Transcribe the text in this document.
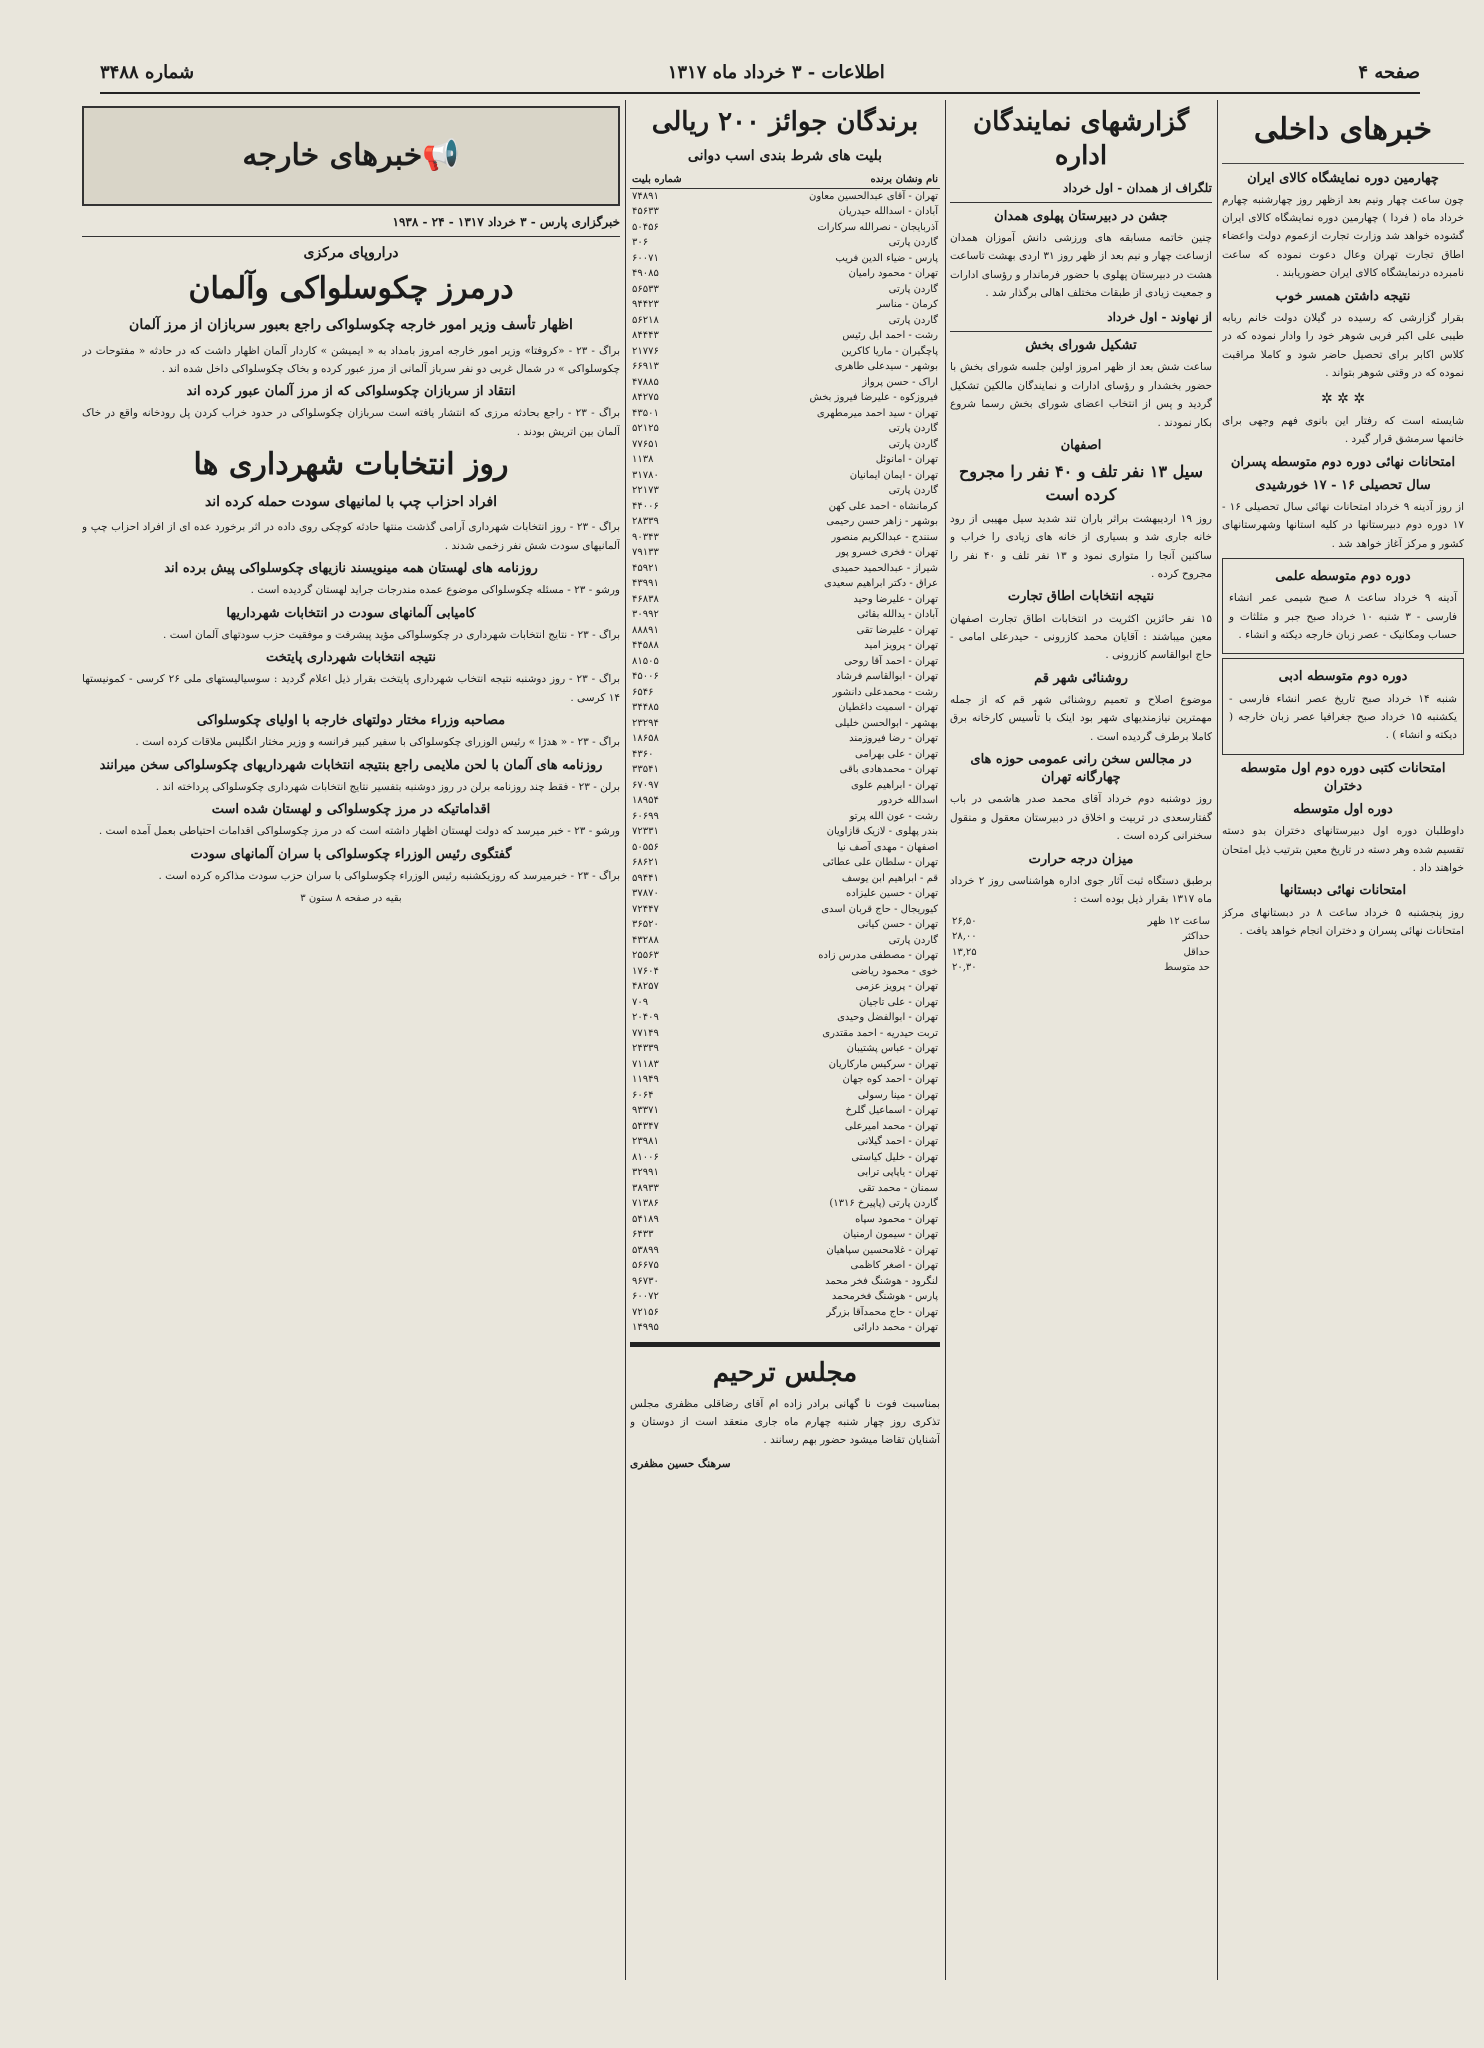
صفحه ۴
اطلاعات - ۳ خرداد ماه ۱۳۱۷
شماره ۳۴۸۸
خبرهای داخلی
چهارمین دوره نمایشگاه کالای ایران

چون ساعت چهار ونیم بعد ازظهر روز چهارشنبه چهارم خرداد ماه ( فردا ) چهارمین دوره نمایشگاه کالای ایران گشوده خواهد شد وزارت تجارت ازعموم دولت واعضاء اطاق تجارت تهران وعال دعوت نموده که ساعت نامبرده درنمایشگاه کالای ایران حضوریابند .

نتیجه داشتن همسر خوب

بقرار گزارشی که رسیده در گیلان دولت خانم ربابه طیبی علی اکبر فربی شوهر خود را وادار نموده که در کلاس اکابر برای تحصیل حاضر شود و کاملا مراقبت نموده که در وقتی شوهر بتواند .

✲ ✲ ✲

شایسته است که رفتار این بانوی فهم وجهی برای خانمها سرمشق قرار گیرد .

امتحانات نهائی دوره دوم متوسطه پسران
سال تحصیلی ۱۶ - ۱۷ خورشیدی

از روز آدینه ۹ خرداد امتحانات نهائی سال تحصیلی ۱۶ - ۱۷ دوره دوم دبیرستانها در کلیه استانها وشهرستانهای کشور و مرکز آغاز خواهد شد .

دوره دوم متوسطه علمی

آدینه ۹ خرداد ساعت ۸ صبح شیمی عمر انشاء فارسی - ۳ شنبه ۱۰ خرداد صبح جبر و مثلثات و حساب ومکانیک - عصر زبان خارجه دیکته و انشاء .

دوره دوم متوسطه ادبی

شنبه ۱۴ خرداد صبح تاریخ عصر انشاء فارسی - یکشنبه ۱۵ خرداد صبح جغرافیا عصر زبان خارجه ( دیکته و انشاء ) .

امتحانات کتبی دوره دوم اول متوسطه دختران
دوره اول متوسطه

داوطلبان دوره اول دبیرستانهای دختران بدو دسته تقسیم شده وهر دسته در تاریخ معین بترتیب ذیل امتحان خواهند داد .

امتحانات نهائی دبستانها

روز پنجشنبه ۵ خرداد ساعت ۸ در دبستانهای مرکز امتحانات نهائی پسران و دختران انجام خواهد یافت .

گزارشهای نمایندگان اداره
تلگراف از همدان - اول خرداد
جشن در دبیرستان پهلوی همدان

چنین خاتمه مسابقه های ورزشی دانش آموزان همدان ازساعت چهار و نیم بعد از ظهر روز ۳۱ اردی بهشت تاساعت هشت در دبیرستان پهلوی با حضور فرماندار و رؤسای ادارات و جمعیت زیادی از طبقات مختلف اهالی برگذار شد .

از نهاوند - اول خرداد
تشکیل شورای بخش

ساعت شش بعد از ظهر امروز اولین جلسه شورای بخش با حضور بخشدار و رؤسای ادارات و نمایندگان مالکین تشکیل گردید و پس از انتخاب اعضای شورای بخش رسما شروع بکار نمودند .

اصفهان
سیل ۱۳ نفر تلف و ۴۰ نفر را مجروح کرده است

روز ۱۹ اردیبهشت براثر باران تند شدید سیل مهیبی از رود خانه جاری شد و بسیاری از خانه های زیادی را خراب و ساکنین آنجا را متواری نمود و ۱۳ نفر تلف و ۴۰ نفر را مجروح کرده .

نتیجه انتخابات اطاق تجارت

۱۵ نفر حائزین اکثریت در انتخابات اطاق تجارت اصفهان معین میباشند : آقایان محمد کازرونی - حیدرعلی امامی - حاج ابوالقاسم کازرونی .

روشنائی شهر قم

موضوع اصلاح و تعمیم روشنائی شهر قم که از جمله مهمترین نیازمندیهای شهر بود اینک با تأسیس کارخانه برق کاملا برطرف گردیده است .

در مجالس سخن رانی عمومی حوزه های چهارگانه تهران

روز دوشنبه دوم خرداد آقای محمد صدر هاشمی در باب گفتارسعدی در تربیت و اخلاق در دبیرستان معقول و منقول سخنرانی کرده است .

میزان درجه حرارت

برطبق دستگاه ثبت آثار جوی اداره هواشناسی روز ۲ خرداد ماه ۱۳۱۷ بقرار ذیل بوده است :

ساعت ۱۲ ظهر	۲۶,۵۰
حداکثر	۲۸,۰۰
حداقل	۱۳,۲۵
حد متوسط	۲۰,۳۰
برندگان جوائز ۲۰۰ ریالی
بلیت های شرط بندی اسب دوانی
نام ونشان برنده	شماره بلیت
تهران - آقای عبدالحسین معاون	۷۴۸۹۱
آبادان - اسدالله حیدریان	۴۵۶۳۳
آذربایجان - نصرالله سرکارات	۵۰۴۵۶
گاردن پارتی	۳۰۶
پارس - ضیاء الدین فریب	۶۰۰۷۱
تهران - محمود رامیان	۴۹۰۸۵
گاردن پارتی	۵۶۵۳۳
کرمان - مناسر	۹۴۴۲۳
گاردن پارتی	۵۶۲۱۸
رشت - احمد ابل رئیس	۸۴۴۴۳
پاچگیران - ماریا کاکرین	۲۱۷۷۶
بوشهر - سیدعلی طاهری	۶۶۹۱۳
اراک - حسن پرواز	۴۷۸۸۵
فیروزکوه - علیرضا فیروز بخش	۸۴۲۷۵
تهران - سید احمد میرمطهری	۴۳۵۰۱
گاردن پارتی	۵۲۱۲۵
گاردن پارتی	۷۷۶۵۱
تهران - امانوئل	۱۱۳۸
تهران - ایمان ایمانیان	۳۱۷۸۰
گاردن پارتی	۲۲۱۷۳
کرمانشاه - احمد علی کهن	۴۴۰۰۶
بوشهر - زاهر حسن رحیمی	۲۸۳۳۹
سنندج - عبدالکریم منصور	۹۰۳۴۳
تهران - فخری خسرو پور	۷۹۱۳۳
شیراز - عبدالحمید حمیدی	۴۵۹۲۱
عراق - دکتر ابراهیم سعیدی	۴۳۹۹۱
تهران - علیرضا وحید	۴۶۸۳۸
آبادان - یدالله بقائی	۳۰۹۹۲
تهران - علیرضا تقی	۸۸۸۹۱
تهران - پرویز امید	۴۴۵۸۸
تهران - احمد آقا روحی	۸۱۵۰۵
تهران - ابوالقاسم فرشاد	۴۵۰۰۶
رشت - محمدعلی دانشور	۶۵۴۶
تهران - اسمیت داغطیان	۳۴۴۸۵
بهشهر - ابوالحسن خلیلی	۲۳۲۹۴
تهران - رضا فیروزمند	۱۸۶۵۸
تهران - علی بهرامی	۴۳۶۰
تهران - محمدهادی باقی	۳۳۵۴۱
تهران - ابراهیم علوی	۶۷۰۹۷
اسدالله خردور	۱۸۹۵۴
رشت - عون الله پرتو	۶۰۶۹۹
بندر پهلوی - لازیک قازاویان	۷۲۳۳۱
اصفهان - مهدی آصف نیا	۵۰۵۵۶
تهران - سلطان علی عطائی	۶۸۶۲۱
قم - ابراهیم ابن یوسف	۵۹۴۴۱
تهران - حسین علیزاده	۳۷۸۷۰
کیوریجال - حاج قربان اسدی	۷۲۴۴۷
تهران - حسن کیانی	۳۶۵۲۰
گاردن پارتی	۴۳۲۸۸
تهران - مصطفی مدرس زاده	۲۵۵۶۳
خوی - محمود ریاضی	۱۷۶۰۴
تهران - پرویز عزمی	۴۸۲۵۷
تهران - علی تاجیان	۷۰۹
تهران - ابوالفضل وحیدی	۲۰۴۰۹
تربت حیدریه - احمد مقتدری	۷۷۱۴۹
تهران - عباس پشتیبان	۲۴۳۳۹
تهران - سرکیس مارکاریان	۷۱۱۸۳
تهران - احمد کوه جهان	۱۱۹۴۹
تهران - مینا رسولی	۶۰۶۴
تهران - اسماعیل گلرخ	۹۳۳۷۱
تهران - محمد امیرعلی	۵۴۳۴۷
تهران - احمد گیلانی	۲۳۹۸۱
تهران - خلیل کیاستی	۸۱۰۰۶
تهران - یاپاپی ترابی	۳۲۹۹۱
سمنان - محمد تقی	۳۸۹۳۳
گاردن پارتی (پاپیرخ ۱۳۱۶)	۷۱۳۸۶
تهران - محمود سپاه	۵۴۱۸۹
تهران - سیمون ارمنیان	۶۴۳۳
تهران - غلامحسین سپاهیان	۵۳۸۹۹
تهران - اصغر کاظمی	۵۶۶۷۵
لنگرود - هوشنگ فخر محمد	۹۶۷۳۰
پارس - هوشنگ فخرمحمد	۶۰۰۷۲
تهران - حاج محمدآقا بزرگر	۷۲۱۵۶
تهران - محمد دارائی	۱۴۹۹۵
مجلس ترحیم

بمناسبت فوت نا گهانی برادر زاده ام آقای رضاقلی مظفری مجلس تذکری روز چهار شنبه چهارم ماه جاری منعقد است از دوستان و آشنایان تقاضا میشود حضور بهم رسانند .

سرهنگ حسین مظفری

📢
خبرهای خارجه
خبرگزاری پارس - ۳ خرداد ۱۳۱۷ - ۲۴ - ۱۹۳۸
دراروپای مرکزی
درمرز چکوسلواکی وآلمان
اظهار تأسف وزیر امور خارجه چکوسلواکی راجع بعبور سربازان از مرز آلمان

براگ - ۲۳ - «کروفتا» وزیر امور خارجه امروز بامداد به « ایمیشن » کاردار آلمان اظهار داشت که در حادثه « مفتوحات در چکوسلواکی » در شمال غربی دو نفر سرباز آلمانی از مرز عبور کرده و بخاک چکوسلواکی داخل شده اند .

انتقاد از سربازان چکوسلواکی که از مرز آلمان عبور کرده اند

براگ - ۲۳ - راجع بحادثه مرزی که انتشار یافته است سربازان چکوسلواکی در حدود خراب کردن پل رودخانه واقع در خاک آلمان بین اتریش بودند .

روز انتخابات شهرداری ها
افراد احزاب چپ با لمانیهای سودت حمله کرده اند

براگ - ۲۳ - روز انتخابات شهرداری آرامی گذشت منتها حادثه کوچکی روی داده در اثر برخورد عده ای از افراد احزاب چپ و آلمانیهای سودت شش نفر زخمی شدند .

روزنامه های لهستان همه مینویسند نازیهای چکوسلواکی پیش برده اند

ورشو - ۲۳ - مسئله چکوسلواکی موضوع عمده مندرجات جراید لهستان گردیده است .

کامیابی آلمانهای سودت در انتخابات شهرداریها

براگ - ۲۳ - نتایج انتخابات شهرداری در چکوسلواکی مؤید پیشرفت و موفقیت حزب سودتهای آلمان است .

نتیجه انتخابات شهرداری پایتخت

براگ - ۲۳ - روز دوشنبه نتیجه انتخاب شهرداری پایتخت بقرار ذیل اعلام گردید : سوسیالیستهای ملی ۲۶ کرسی - کمونیستها ۱۴ کرسی .

مصاحبه وزراء مختار دولتهای خارجه با اولیای چکوسلواکی

براگ - ۲۳ - « هدژا » رئیس الوزرای چکوسلواکی با سفیر کبیر فرانسه و وزیر مختار انگلیس ملاقات کرده است .

روزنامه های آلمان با لحن ملایمی راجع بنتیجه انتخابات شهرداریهای چکوسلواکی سخن میرانند

برلن - ۲۳ - فقط چند روزنامه برلن در روز دوشنبه بتفسیر نتایج انتخابات شهرداری چکوسلواکی پرداخته اند .

اقداماتیکه در مرز چکوسلواکی و لهستان شده است

ورشو - ۲۳ - خبر میرسد که دولت لهستان اظهار داشته است که در مرز چکوسلواکی اقدامات احتیاطی بعمل آمده است .

گفتگوی رئیس الوزراء چکوسلواکی با سران آلمانهای سودت

براگ - ۲۳ - خبرمیرسد که روزیکشنبه رئیس الوزراء چکوسلواکی با سران حزب سودت مذاکره کرده است .

بقیه در صفحه ۸ ستون ۳
